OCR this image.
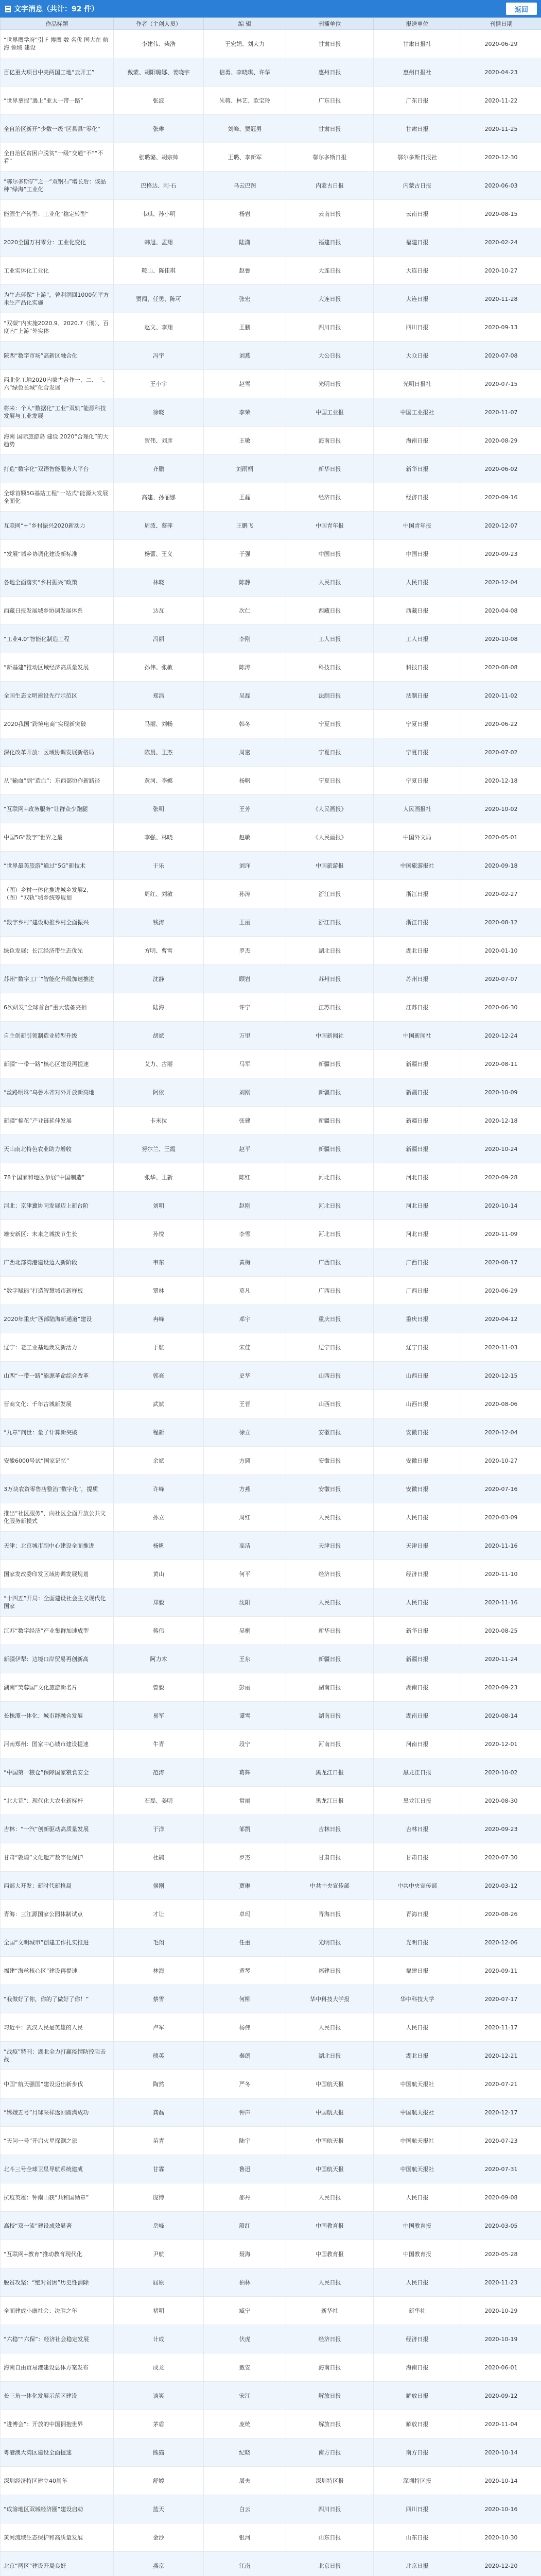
文字消息（共计：92 件）	返回
作品标题	作者（主创人员）	编 辑	刊播单位	报送单位	刊播日期
“世界鹰学府”引 F 博鹰 数 名优 国大在 航 海 领域 建设	李建伟、柴浩	王宏娟、刘大力	甘肃日报	甘肃日报社	2020-06-29
百亿重大项目中美两国工地“云开工”	戴蒙、胡阳璐娜、姜晓宇	信勇、李晓琪、许华	惠州日报	惠州日报社	2020-04-23
“世界拿捏”遇上“亚太一带一路”	张波	朱蒋、林艺、欧宝玲	广东日报	广东日报	2020-11-22
全自治区新开“少数一级”区县县“零化”	张琳	刘峰、贾冠男	甘肃日报	甘肃日报	2020-11-25
全自治区贫困户脱贫“一级”交通“不”“不看”	张璐璐、胡宗帅	王璐、李新军	鄂尔多斯日报	鄂尔多斯日报社	2020-12-30
“鄂尔多斯矿”之一“双钢石”增长后：该品种“绿海”工业化	巴格达、阿·石	乌云巴图	内蒙古日报	内蒙古日报	2020-06-03
能源生产转型：工业化“稳定转型”	韦琪、孙小明	杨岩	云南日报	云南日报	2020-08-15
2020全国万村零分：工业化变化	韩旭、孟翔	陆潇	福建日报	福建日报	2020-02-24
工业实体化工业化	鞍山、陈佳琪	赵鲁	大连日报	大连日报	2020-10-27
为生态环保“上游”，曾利润回1000亿平方米生产品化实施	贾闯、任勇、陈可	张宏	大连日报	大连日报	2020-11-28
“双碳”内实施2020.9、2020.7（刑）、百度内“上游”外实体	赵文、李翔	王鹏	四川日报	四川日报	2020-09-13
陕西“数字市场”高新区融合化	冯宇	刘燕	大公日报	大众日报	2020-07-08
西北化工地2020内蒙古合作一、二、三、六“绿色长城”化合发展	王小宇	赵雪	光明日报	光明日报社	2020-07-15
将来：个人“数据化”工业“双轨”能源科技发展与工业发展	徐晓	李荣	中国工业报	中国工业报社	2020-11-07
海南 国际旅游岛 建设 2020“合理化”的大趋势	贺伟、刘彦	王敏	海南日报	海南日报	2020-08-29
打造“数字化”双语智能服务大平台	齐鹏	刘雨桐	新华日报	新华日报	2020-06-02
全球首颗5G基站工程“一站式”能源大发展全面化	高建、孙丽娜	王磊	经济日报	经济日报	2020-09-16
互联网“+”乡村振兴2020新动力	周波、蔡萍	王鹏飞	中国青年报	中国青年报	2020-12-07
“发展”城乡协调化建设新标准	杨蕾、王义	于强	中国日报	中国日报	2020-09-23
各地全面落实“乡村振兴”政策	林晓	陈静	人民日报	人民日报	2020-12-04
西藏日报发展城乡协调发展体系	达瓦	次仁	西藏日报	西藏日报	2020-04-08
“工业4.0”智能化制造工程	冯丽	李刚	工人日报	工人日报	2020-10-08
“新基建”推动区域经济高质量发展	孙伟、张敏	陈涛	科技日报	科技日报	2020-08-08
全国生态文明建设先行示范区	郑浩	吴磊	法制日报	法制日报	2020-11-02
2020我国“跨境电商”实现新突破	马丽、刘畅	韩冬	宁夏日报	宁夏日报	2020-06-22
深化改革开放：区域协调发展新格局	陈晨、王杰	周密	宁夏日报	宁夏日报	2020-07-02
从“输血”到“造血”：东西部协作新路径	黄河、李娜	杨帆	宁夏日报	宁夏日报	2020-12-18
“互联网+政务服务”让群众少跑腿	张明	王芳	《人民画报》	人民画报社	2020-10-02
中国5G“数字”世界之最	李强、林晓	赵敏	《人民画报》	中国外文局	2020-05-01
“世界最美旅游”通过“5G”新技术	于乐	刘洋	中国旅游报	中国旅游报社	2020-09-18
（图）乡村一体化推进城乡发展2、（图）“双轨”城乡统筹规划	周红、刘敏	孙涛	浙江日报	浙江日报	2020-02-27
“数字乡村”建设助推乡村全面振兴	钱涛	王丽	浙江日报	浙江日报	2020-08-12
绿色发展：长江经济带生态优先	方明、曹雪	罗杰	湖北日报	湖北日报	2020-01-10
苏州“数字工厂”智能化升级加速推进	沈静	顾岩	苏州日报	苏州日报	2020-07-07
6次研发“全球首台”重大装备亮相	陆海	许宁	江苏日报	江苏日报	2020-06-30
自主创新引领制造业转型升级	胡斌	万里	中国新闻社	中国新闻社	2020-12-24
新疆“一带一路”核心区建设再提速	艾力、古丽	马军	新疆日报	新疆日报	2020-08-11
“丝路明珠”乌鲁木齐对外开放新高地	阿依	刘刚	新疆日报	新疆日报	2020-10-09
新疆“棉花”产业链延伸发展	卡米拉	张建	新疆日报	新疆日报	2020-12-18
天山南北特色农业助力增收	努尔兰、王霞	赵平	新疆日报	新疆日报	2020-10-24
78个国家和地区参展“中国制造”	张华、王新	陈红	河北日报	河北日报	2020-09-28
河北：京津冀协同发展迈上新台阶	刘明	赵刚	河北日报	河北日报	2020-10-14
雄安新区：未来之城拔节生长	孙悦	李雪	河北日报	河北日报	2020-11-09
广西北部湾港建设迈入新阶段	韦东	黄梅	广西日报	广西日报	2020-08-17
“数字赋能”打造智慧城市新样板	覃林	莫凡	广西日报	广西日报	2020-06-29
2020年重庆“西部陆海新通道”建设	冉峰	邓宇	重庆日报	重庆日报	2020-04-12
辽宁：老工业基地焕发新活力	于航	宋佳	辽宁日报	辽宁日报	2020-11-03
山西“一带一路”能源革命综合改革	郭亮	史华	山西日报	山西日报	2020-12-15
晋商文化：千年古城新发展	武斌	王晋	山西日报	山西日报	2020-08-06
“九章”问世：量子计算新突破	程新	徐立	安徽日报	安徽日报	2020-12-04
安徽6000号试“国家记忆”	余斌	方圆	安徽日报	安徽日报	2020-10-27
3万块农资零售店整治“数字化”，提质	许峰	方燕	安徽日报	安徽日报	2020-07-16
推出“社区服务”，向社区全面开放公共文化服务新模式	孙立	周红	人民日报	人民日报	2020-03-09
天津：北京城市副中心建设全面推进	杨帆	高洁	天津日报	天津日报	2020-11-16
国家发改委印发区域协调发展规划	黄山	何平	经济日报	经济日报	2020-11-10
“十四五”开局：全面建设社会主义现代化国家	郑毅	沈阳	人民日报	人民日报	2020-11-16
江苏“数字经济”产业集群加速成型	蒋伟	吴桐	新华日报	新华日报	2020-08-25
新疆伊犁：边境口岸贸易再创新高	阿力木	王东	新疆日报	新疆日报	2020-11-24
湖南“芙蓉国”文化旅游新名片	曾毅	彭丽	湖南日报	湖南日报	2020-09-23
长株潭一体化：城市群融合发展	易军	谭雪	湖南日报	湖南日报	2020-08-14
河南郑州：国家中心城市建设提速	牛青	段宁	河南日报	河南日报	2020-12-01
“中国第一粮仓”保障国家粮食安全	范涛	葛辉	黑龙江日报	黑龙江日报	2020-10-02
“北大荒”：现代化大农业新标杆	石磊、姜明	常丽	黑龙江日报	黑龙江日报	2020-08-30
吉林：“一汽”创新驱动高质量发展	于洋	邹凯	吉林日报	吉林日报	2020-09-23
甘肃“敦煌”文化遗产数字化保护	杜鹃	罗杰	甘肃日报	甘肃日报	2020-07-30
西部大开发：新时代新格局	侯刚	贾琳	中共中央宣传部	中共中央宣传部	2020-03-12
青海：三江源国家公园体制试点	才让	卓玛	青海日报	青海日报	2020-08-26
全国“文明城市”创建工作扎实推进	毛翔	任重	光明日报	光明日报	2020-12-06
福建“海丝核心区”建设再提速	林海	黄琴	福建日报	福建日报	2020-09-11
“我做好了你，你的了做好了你！”	蔡雪	何柳	华中科技大学报	华中科技大学	2020-07-17
习近平：武汉人民是英雄的人民	卢军	杨伟	人民日报	人民日报	2020-11-17
“战疫”特刊：湖北全力打赢疫情防控阻击战	熊英	秦朗	湖北日报	湖北日报	2020-12-21
中国“航天强国”建设迈出新步伐	陶然	严冬	中国航天报	中国航天报社	2020-07-21
“嫦娥五号”月球采样返回圆满成功	龚磊	钟声	中国航天报	中国航天报社	2020-12-17
“天问一号”开启火星探测之旅	苗青	陆宇	中国航天报	中国航天报社	2020-07-23
北斗三号全球卫星导航系统建成	甘霖	鲁迅	中国航天报	中国航天报社	2020-07-31
抗疫英雄：钟南山获“共和国勋章”	庞博	邵丹	人民日报	人民日报	2020-09-08
高校“双一流”建设成效显著	岳峰	殷红	中国教育报	中国教育报	2020-03-05
“互联网+教育”推动教育现代化	尹航	聂海	中国教育报	中国教育报	2020-05-28
脱贫攻坚：“绝对贫困”历史性消除	屈原	柏林	人民日报	人民日报	2020-11-23
全面建成小康社会：决胜之年	褚明	臧宁	新华社	新华社	2020-10-29
“六稳”“六保”：经济社会稳定发展	计成	伏虎	经济日报	经济日报	2020-10-19
海南自由贸易港建设总体方案发布	成龙	戴安	海南日报	海南日报	2020-06-01
长三角一体化发展示范区建设	谈笑	宋江	解放日报	解放日报	2020-09-12
“进博会”：开放的中国拥抱世界	茅盾	庞统	解放日报	解放日报	2020-11-04
粤港澳大湾区建设全面提速	熊猫	纪晓	南方日报	南方日报	2020-10-14
深圳经济特区建立40周年	舒婷	屠夫	深圳特区报	深圳特区报	2020-10-14
“成渝地区双城经济圈”建设启动	蓝天	白云	四川日报	四川日报	2020-10-16
黄河流域生态保护和高质量发展	金沙	银河	山东日报	山东日报	2020-10-30
北京“两区”建设开局良好	燕京	江南	北京日报	北京日报	2020-12-20
